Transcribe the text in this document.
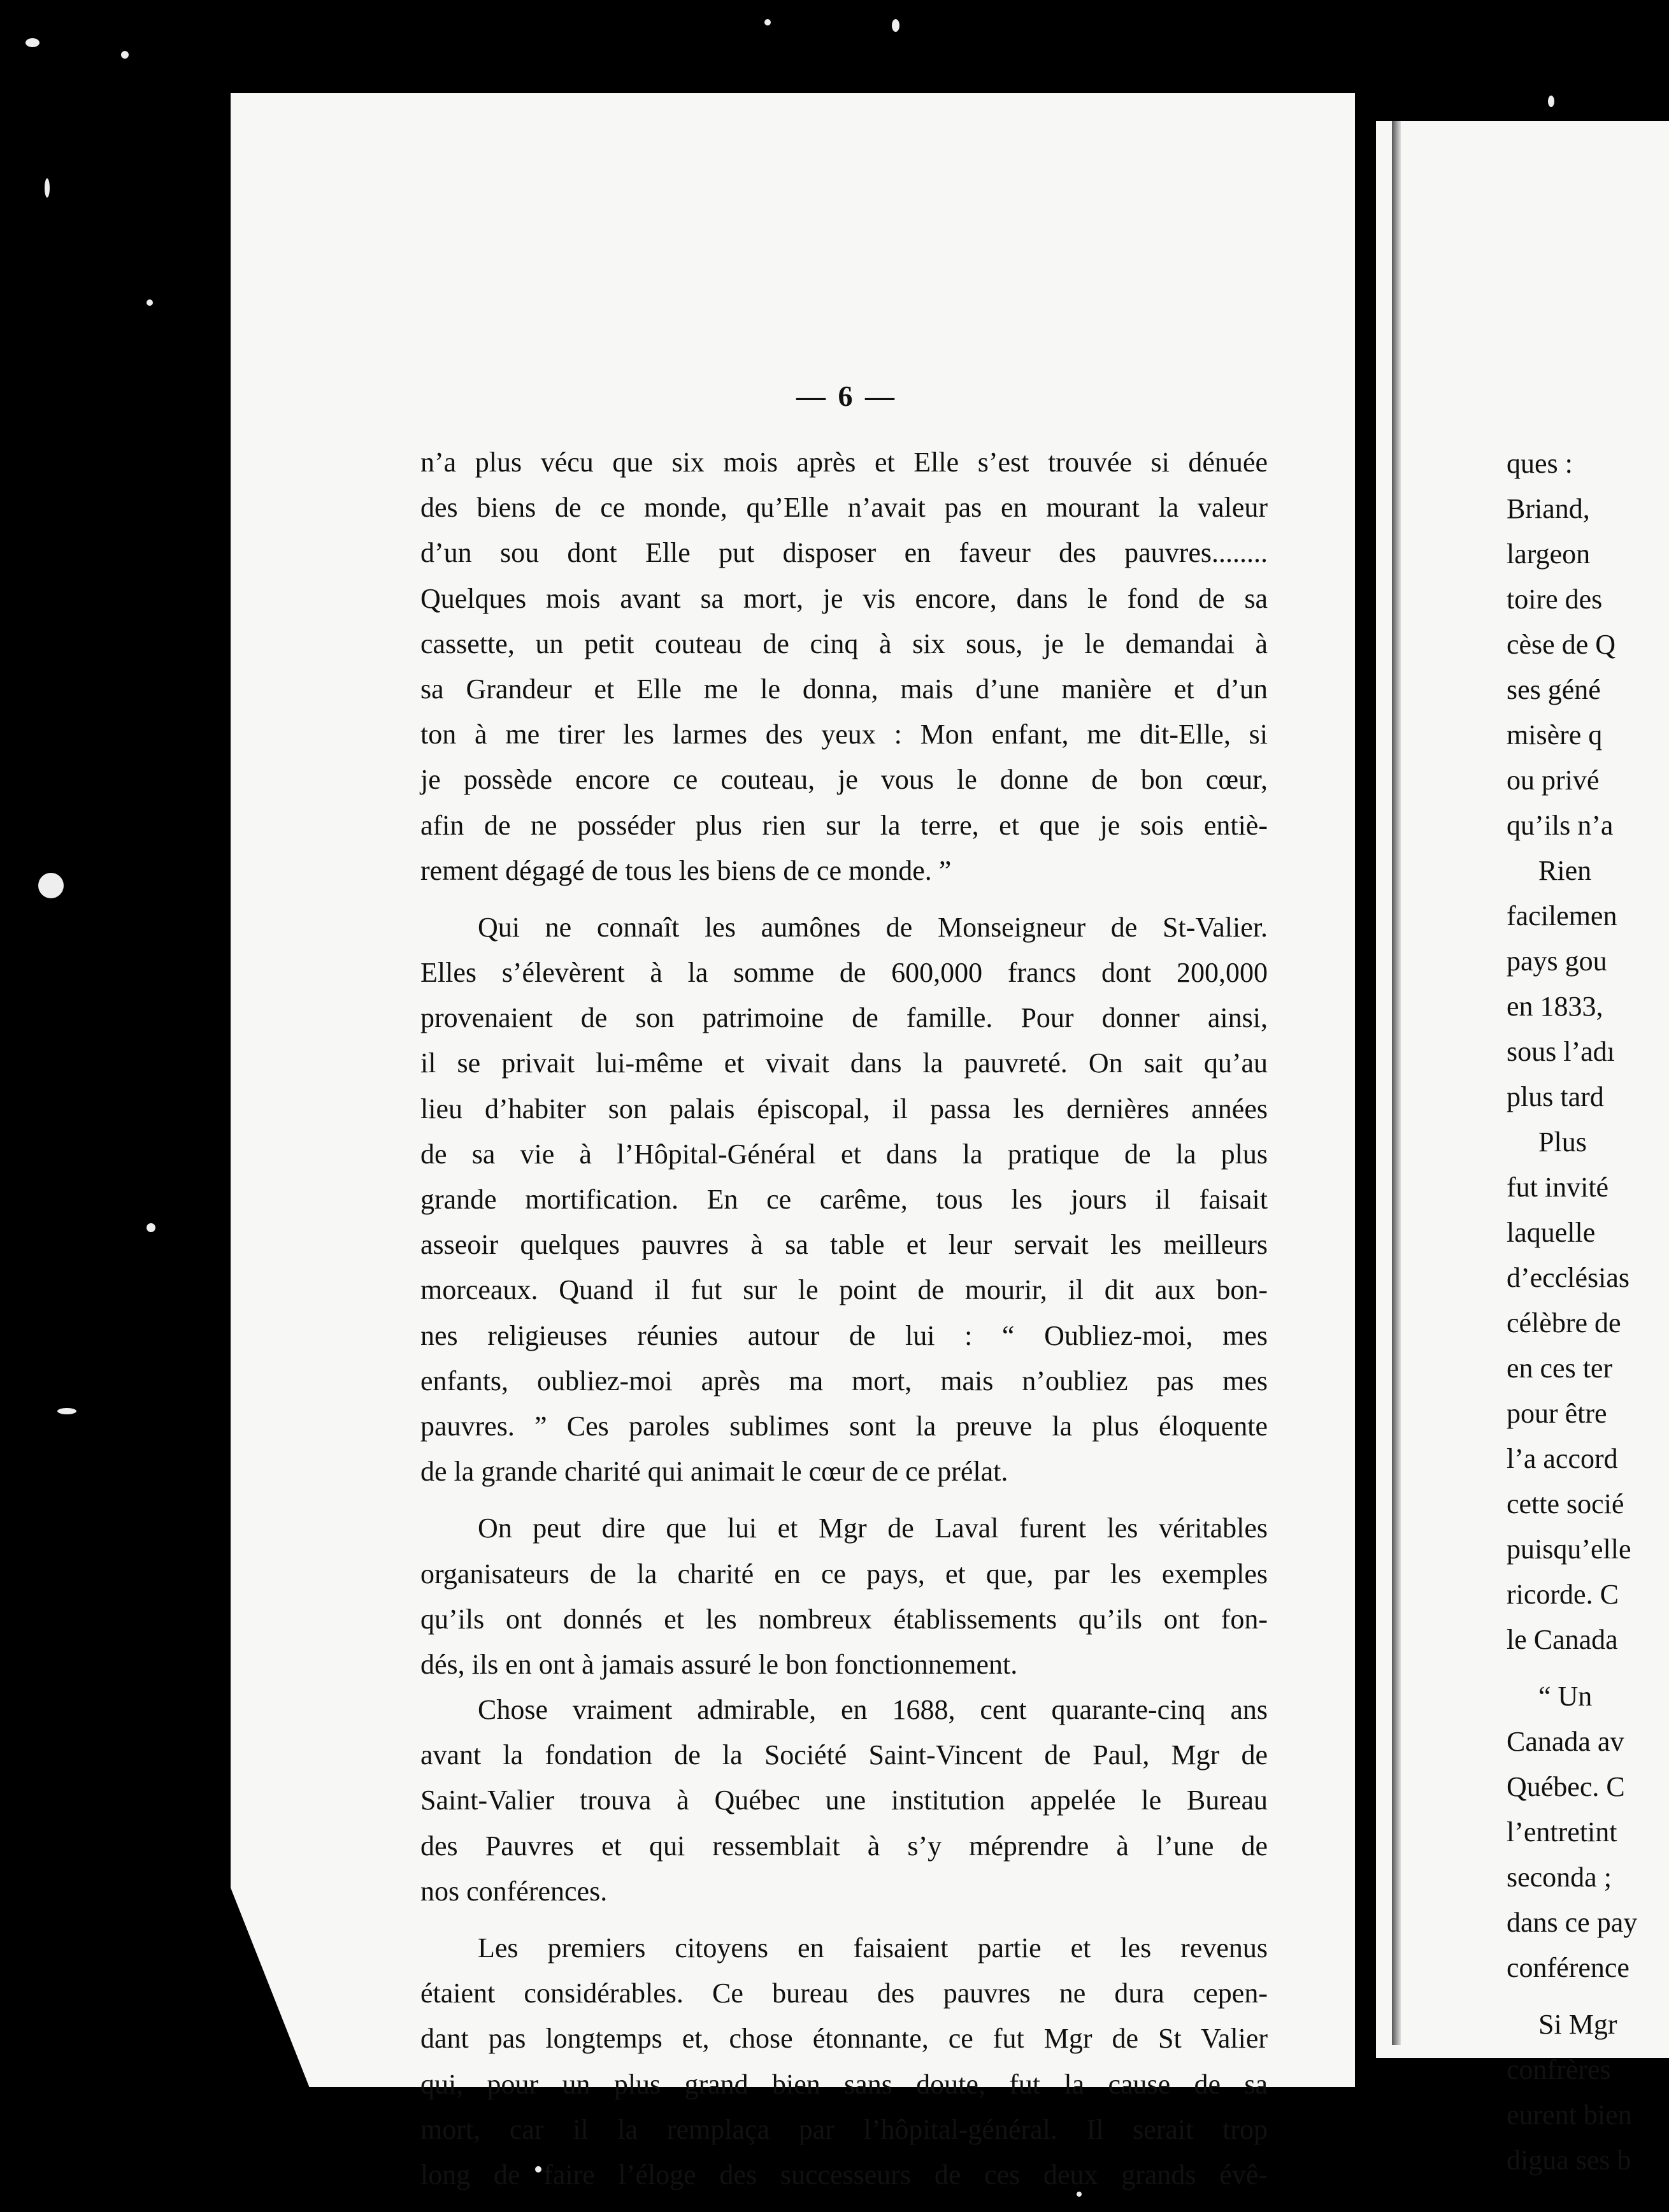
— 6 —
n’a plus vécu que six mois après et Elle s’est trouvée si dénuée
des biens de ce monde, qu’Elle n’avait pas en mourant la valeur
d’un sou dont Elle put disposer en faveur des pauvres........
Quelques mois avant sa mort, je vis encore, dans le fond de sa
cassette, un petit couteau de cinq à six sous, je le demandai à
sa Grandeur et Elle me le donna, mais d’une manière et d’un
ton à me tirer les larmes des yeux : Mon enfant, me dit-Elle, si
je possède encore ce couteau, je vous le donne de bon cœur,
afin de ne posséder plus rien sur la terre, et que je sois entiè-
rement dégagé de tous les biens de ce monde. ”
Qui ne connaît les aumônes de Monseigneur de St-Valier.
Elles s’élevèrent à la somme de 600,000 francs dont 200,000
provenaient de son patrimoine de famille. Pour donner ainsi,
il se privait lui-même et vivait dans la pauvreté. On sait qu’au
lieu d’habiter son palais épiscopal, il passa les dernières années
de sa vie à l’Hôpital-Général et dans la pratique de la plus
grande mortification. En ce carême, tous les jours il faisait
asseoir quelques pauvres à sa table et leur servait les meilleurs
morceaux. Quand il fut sur le point de mourir, il dit aux bon-
nes religieuses réunies autour de lui : “ Oubliez-moi, mes
enfants, oubliez-moi après ma mort, mais n’oubliez pas mes
pauvres. ” Ces paroles sublimes sont la preuve la plus éloquente
de la grande charité qui animait le cœur de ce prélat.
On peut dire que lui et Mgr de Laval furent les véritables
organisateurs de la charité en ce pays, et que, par les exemples
qu’ils ont donnés et les nombreux établissements qu’ils ont fon-
dés, ils en ont à jamais assuré le bon fonctionnement.
Chose vraiment admirable, en 1688, cent quarante-cinq ans
avant la fondation de la Société Saint-Vincent de Paul, Mgr de
Saint-Valier trouva à Québec une institution appelée le Bureau
des Pauvres et qui ressemblait à s’y méprendre à l’une de
nos conférences.
Les premiers citoyens en faisaient partie et les revenus
étaient considérables. Ce bureau des pauvres ne dura cepen-
dant pas longtemps et, chose étonnante, ce fut Mgr de St Valier
qui, pour un plus grand bien sans doute, fut la cause de sa
mort, car il la remplaça par l’hôpital-général. Il serait trop
long de faire l’éloge des successeurs de ces deux grands évê-
ques :
Briand,
largeon
toire des
cèse de Q
ses géné
misère q
ou privé
qu’ils n’a
Rien
facilemen
pays gou
en 1833,
sous l’adı
plus tard
Plus
fut invité
laquelle
d’ecclésias
célèbre de
en ces ter
pour être
l’a accord
cette socié
puisqu’elle
ricorde. C
le Canada
“ Un
Canada av
Québec. C
l’entretint
seconda ;
dans ce pay
conférence
Si Mgr
confrères
eurent bien
digua ses b
